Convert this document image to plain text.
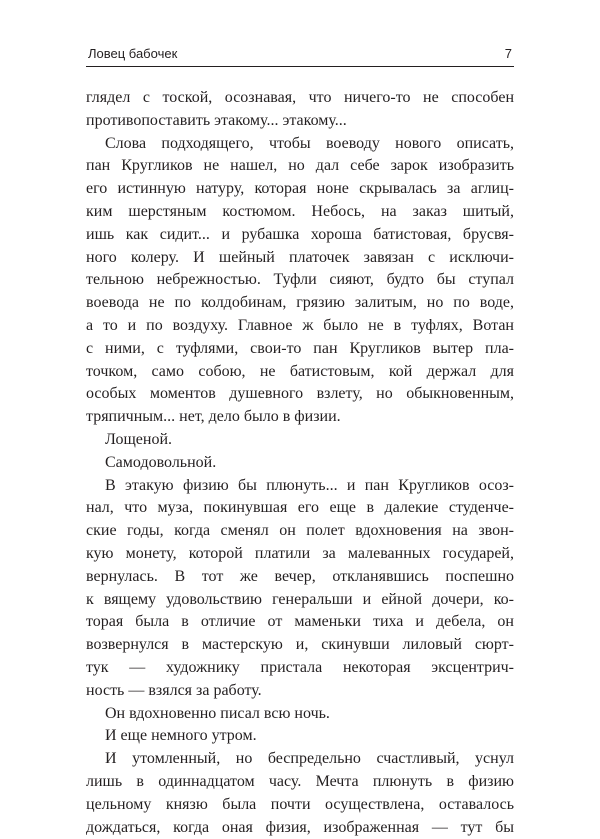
Ловец бабочек	7
глядел с тоской, осознавая, что ничего-то не способен
противопоставить этакому... этакому...
Слова подходящего, чтобы воеводу нового описать,
пан Кругликов не нашел, но дал себе зарок изобразить
его истинную натуру, которая ноне скрывалась за аглиц-
ким шерстяным костюмом. Небось, на заказ шитый,
ишь как сидит... и рубашка хороша батистовая, брусвя-
ного колеру. И шейный платочек завязан с исключи-
тельною небрежностью. Туфли сияют, будто бы ступал
воевода не по колдобинам, грязию залитым, но по воде,
а то и по воздуху. Главное ж было не в туфлях, Вотан
с ними, с туфлями, свои-то пан Кругликов вытер пла-
точком, само собою, не батистовым, кой держал для
особых моментов душевного взлету, но обыкновенным,
тряпичным... нет, дело было в физии.
Лощеной.
Самодовольной.
В этакую физию бы плюнуть... и пан Кругликов осоз-
нал, что муза, покинувшая его еще в далекие студенче-
ские годы, когда сменял он полет вдохновения на звон-
кую монету, которой платили за малеванных государей,
вернулась. В тот же вечер, откланявшись поспешно
к вящему удовольствию генеральши и ейной дочери, ко-
торая была в отличие от маменьки тиха и дебела, он
возвернулся в мастерскую и, скинувши лиловый сюрт-
тук — художнику пристала некоторая эксцентрич-
ность — взялся за работу.
Он вдохновенно писал всю ночь.
И еще немного утром.
И утомленный, но беспредельно счастливый, уснул
лишь в одиннадцатом часу. Мечта плюнуть в физию
цельному князю была почти осуществлена, оставалось
дождаться, когда оная физия, изображенная — тут бы
